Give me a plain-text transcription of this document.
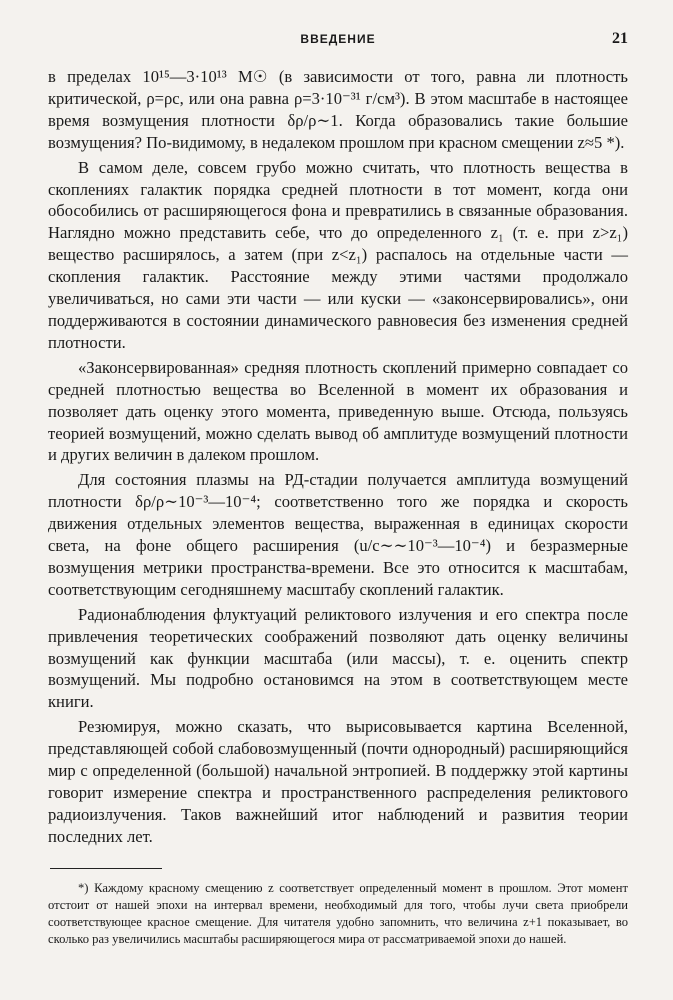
ВВЕДЕНИЕ	21

в пределах 10¹⁵—3·10¹³ M☉ (в зависимости от того, равна ли плотность критической, ρ=ρc, или она равна ρ=3·10⁻³¹ г/см³). В этом масштабе в настоящее время возмущения плотности δρ/ρ∼1. Когда образовались такие большие возмущения? По-видимому, в недалеком прошлом при красном смещении z≈5 *).

В самом деле, совсем грубо можно считать, что плотность вещества в скоплениях галактик порядка средней плотности в тот момент, когда они обособились от расширяющегося фона и превратились в связанные образования. Наглядно можно представить себе, что до определенного z₁ (т. е. при z>z₁) вещество расширялось, а затем (при z<z₁) распалось на отдельные части — скопления галактик. Расстояние между этими частями продолжало увеличиваться, но сами эти части — или куски — «законсервировались», они поддерживаются в состоянии динамического равновесия без изменения средней плотности.

«Законсервированная» средняя плотность скоплений примерно совпадает со средней плотностью вещества во Вселенной в момент их образования и позволяет дать оценку этого момента, приведенную выше. Отсюда, пользуясь теорией возмущений, можно сделать вывод об амплитуде возмущений плотности и других величин в далеком прошлом.

Для состояния плазмы на РД-стадии получается амплитуда возмущений плотности δρ/ρ∼10⁻³—10⁻⁴; соответственно того же порядка и скорость движения отдельных элементов вещества, выраженная в единицах скорости света, на фоне общего расширения (u/c∼∼10⁻³—10⁻⁴) и безразмерные возмущения метрики пространства-времени. Все это относится к масштабам, соответствующим сегодняшнему масштабу скоплений галактик.

Радионаблюдения флуктуаций реликтового излучения и его спектра после привлечения теоретических соображений позволяют дать оценку величины возмущений как функции масштаба (или массы), т. е. оценить спектр возмущений. Мы подробно остановимся на этом в соответствующем месте книги.

Резюмируя, можно сказать, что вырисовывается картина Вселенной, представляющей собой слабовозмущенный (почти однородный) расширяющийся мир с определенной (большой) начальной энтропией. В поддержку этой картины говорит измерение спектра и пространственного распределения реликтового радиоизлучения. Таков важнейший итог наблюдений и развития теории последних лет.

*) Каждому красному смещению z соответствует определенный момент в прошлом. Этот момент отстоит от нашей эпохи на интервал времени, необходимый для того, чтобы лучи света приобрели соответствующее красное смещение. Для читателя удобно запомнить, что величина z+1 показывает, во сколько раз увеличились масштабы расширяющегося мира от рассматриваемой эпохи до нашей.
